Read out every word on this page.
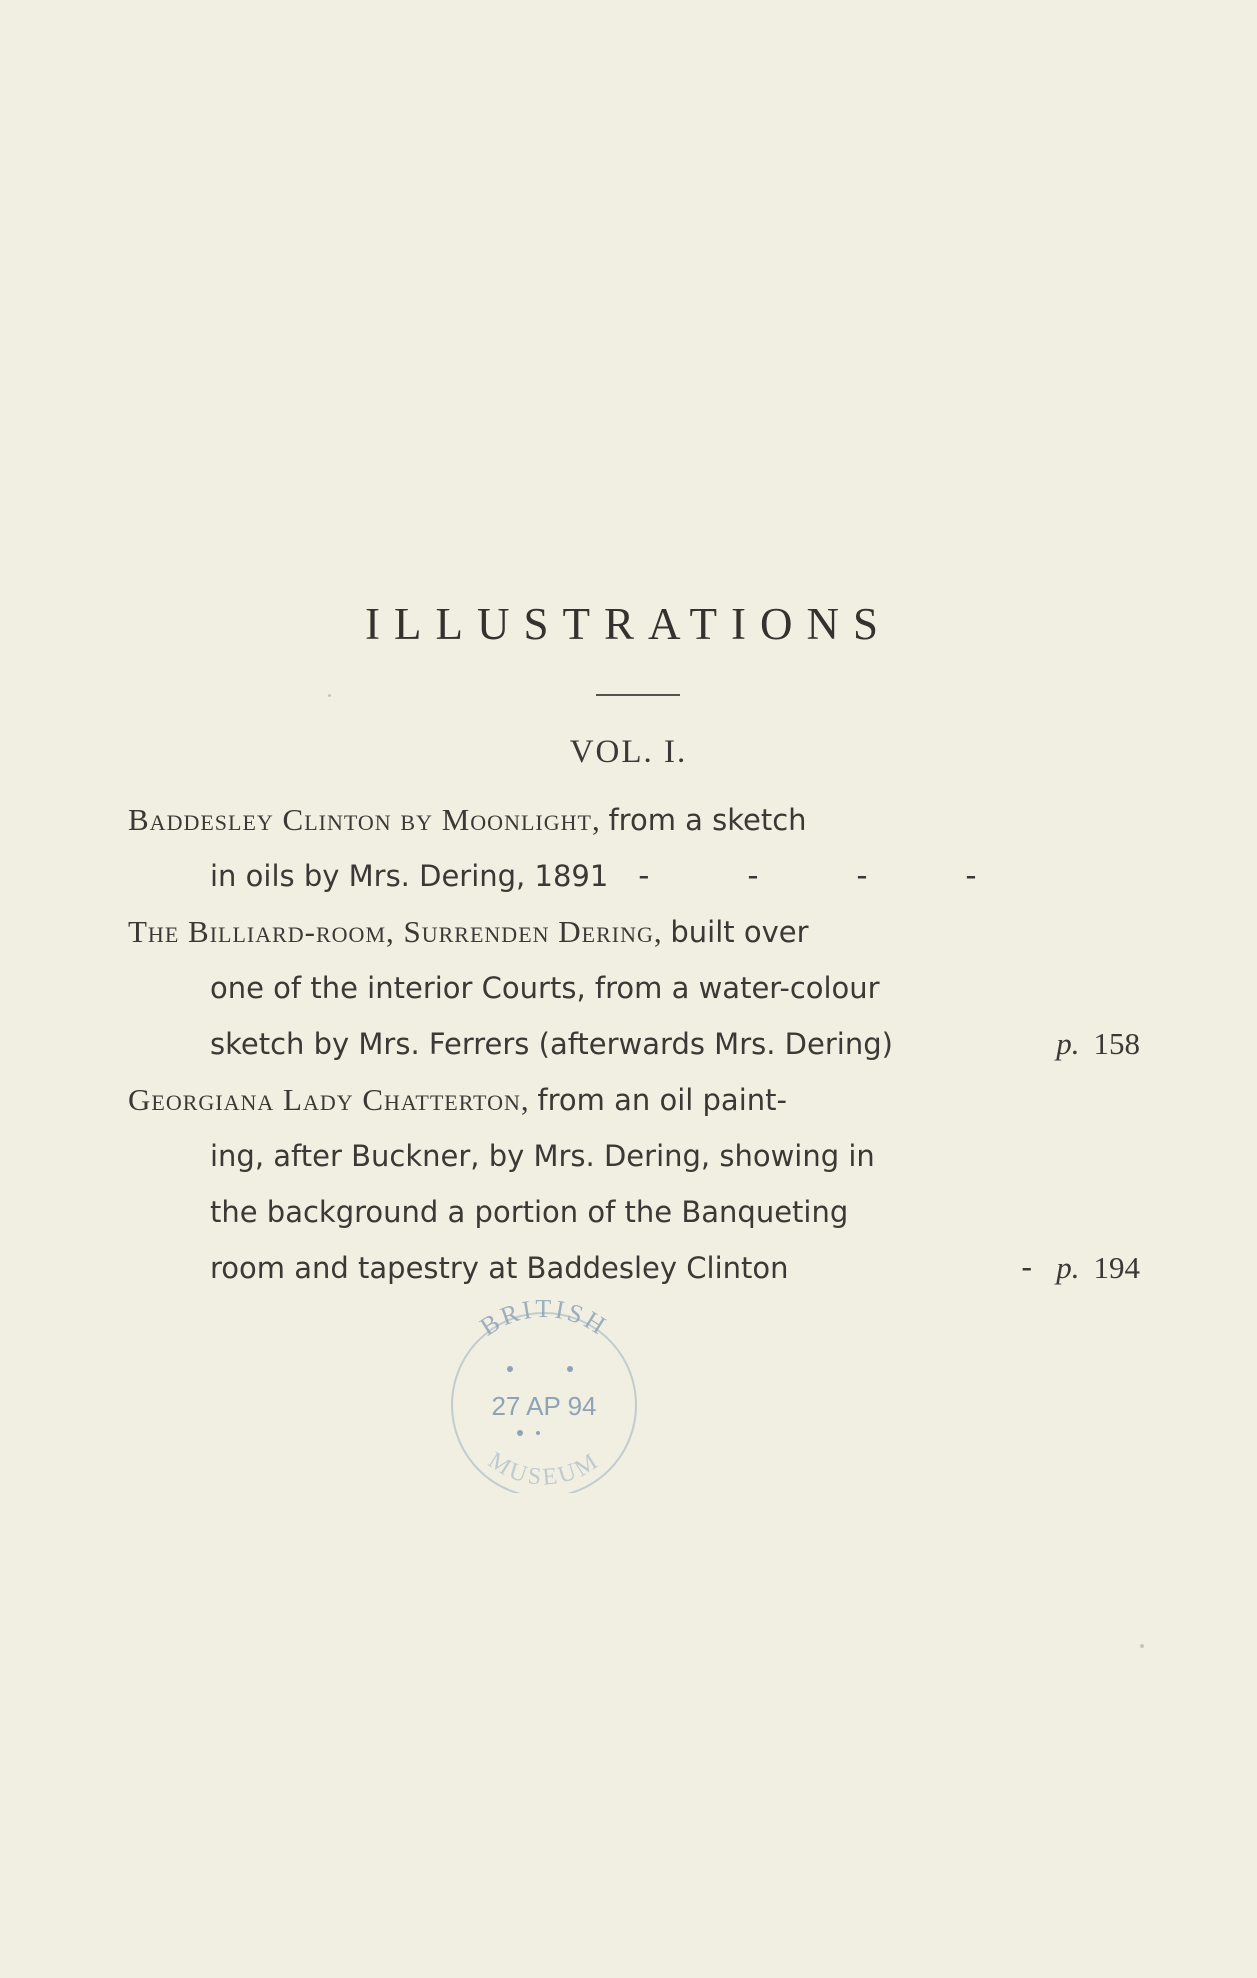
ILLUSTRATIONS
VOL. I.
Baddesley Clinton by Moonlight, from a sketch
in oils by Mrs. Dering, 1891 - - - -
The Billiard-room, Surrenden Dering, built over
one of the interior Courts, from a water-colour
sketch by Mrs. Ferrers (afterwards Mrs. Dering)	p. 158
Georgiana Lady Chatterton, from an oil paint-
ing, after Buckner, by Mrs. Dering, showing in
the background a portion of the Banqueting
room and tapestry at Baddesley Clinton	- p. 194
BRITISH
27 AP 94
MUSEUM
